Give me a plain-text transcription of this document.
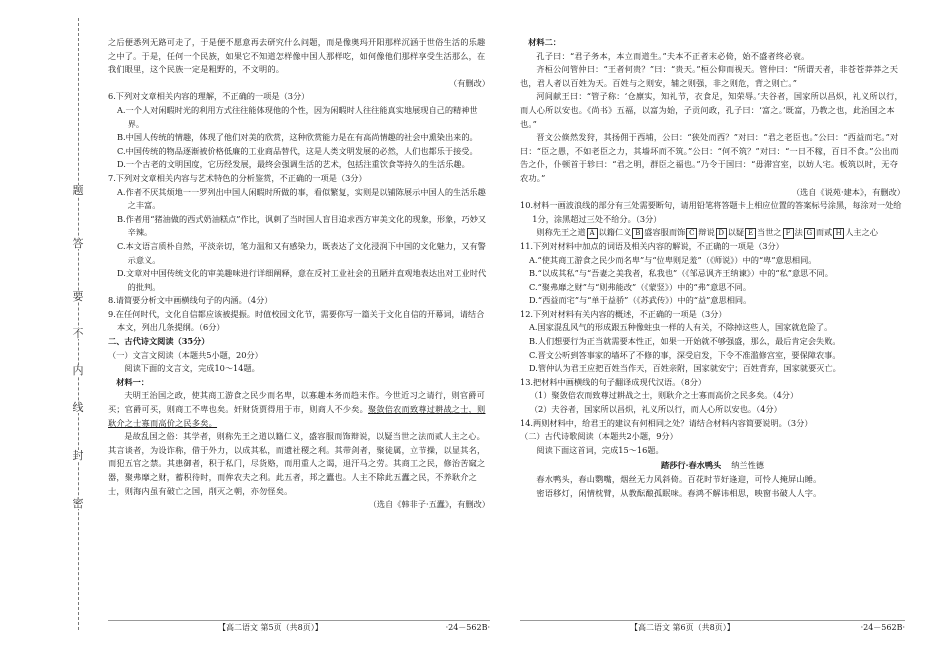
题
答
要
不
内
线
封
密

之后便悉列无路可走了，于是便不愿意再去研究什么问题，而是像奥玛开阳那样沉涵于世俗生活的乐趣之中了。于是，任何一个民族，如果它不知道怎样像中国人那样吃，如何像他们那样享受生活那么，在我们眼里，这个民族一定是粗野的，不文明的。

（有删改）

6.下列对文章相关内容的理解，不正确的一项是（3分）

A.一个人对闲暇时光的利用方式往往能体现他的个性，因为闲暇时人往往能真实地展现自己的精神世界。

B.中国人传统的情趣，体现了他们对美的欣赏，这种欣赏能力是在有高尚情趣的社会中熏染出来的。

C.中国传统的物品逐渐被价格低廉的工业商品替代，这是人类文明发展的必然，人们也都乐于接受。

D.一个古老的文明国度，它历经发展，最终会强调生活的艺术，包括注重饮食等持久的生活乐趣。

7.下列对文章相关内容与艺术特色的分析鉴赏，不正确的一项是（3分）

A.作者不厌其烦地一一罗列出中国人闲暇时所做的事，看似繁复，实则是以铺陈展示中国人的生活乐趣之丰富。

B.作者用“猪油做的西式奶油糕点”作比，讽刺了当时国人盲目追求西方审美文化的现象，形象，巧妙又辛辣。

C.本文语言质朴自然，平淡亲切，笔力温和又有感染力，既表达了文化浸润下中国的文化魅力，又有警示意义。

D.文章对中国传统文化的审美趣味进行详细阐释，意在反衬工业社会的丑陋并直观地表达出对工业时代的批判。

8.请简要分析文中画横线句子的内涵。（4分）

9.在任何时代，文化自信都应该被提振。时值校园文化节，需要你写一篇关于文化自信的开幕词，请结合本文，列出几条提纲。（6分）

二、古代诗文阅读（35分）

（一）文言文阅读（本题共5小题，20分）

阅读下面的文言文，完成10～14题。

材料一：

夫明王治国之政，使其商工游食之民少而名卑，以寡趣本务而趋末作。今世近习之请行，则官爵可买；官爵可买，则商工不卑也矣。奸财货贾得用于市，则商人不少矣。聚敛倍农而致尊过耕战之士，则耿介之士寡而高价之民多矣。

是故乱国之俗：其学者，则称先王之道以籍仁义，盛容服而饰辩说，以疑当世之法而贰人主之心。其言谈者，为设诈称，借于外力，以成其私，而遗社稷之利。其带剑者，聚徒属，立节操，以显其名，而犯五官之禁。其患御者，积于私门，尽货赂，而用重人之谒，退汗马之劳。其商工之民，修治苦窳之器，聚弗靡之财，蓄积待时，而侔农夫之利。此五者，邦之蠹也。人主不除此五蠹之民，不养耿介之士，则海内虽有破亡之国，削灭之朝，亦勿怪矣。

（选自《韩非子·五蠹》，有删改）

材料二：

孔子曰：“君子务本，本立而道生。”夫本不正者末必倚，始不盛者终必衰。

齐桓公问管仲曰：“王者何贵？”曰：“贵天。”桓公仰而视天。管仲曰：“所谓天者，非苍苍莽莽之天也，君人者以百姓为天。百姓与之则安，辅之则强，非之则危，背之则亡。”

河间献王曰：“管子称：‘仓廪实，知礼节，衣食足，知荣辱。’夫谷者，国家所以昌炽，礼义所以行，而人心所以安也。《尚书》五福，以富为始，子贡问政，孔子曰：‘富之。’既富，乃教之也，此治国之本也。”

晋文公倏然发狩，其扬佣于西埔，公曰：“狭处而西？”对曰：“君之老臣也。”公曰：“西益而宅。”对曰：“臣之愚，不如老臣之力，其墙坏而不筑。”公曰：“何不筑？”对曰：“一日不稼，百日不食。”公出而告之仆，仆顿首于轸曰：“君之明，群臣之福也。”乃令于国曰：“毋滞宫室，以妨人宅。板筑以时，无夺农功。”

（选自《说苑·建本》，有删改）

10.材料一画波浪线的部分有三处需要断句，请用铅笔将答题卡上相应位置的答案标号涂黑，每涂对一处给1分，涂黑超过三处不给分。（3分）

则称先王之道 A 以籍仁义 B 盛容服而饰 C 辩说 D 以疑 E 当世之 F 法 G 而贰 H 人主之心

11.下列对材料中加点的词语及相关内容的解说，不正确的一项是（3分）

A.“使其商工游食之民少而名卑”与“位卑则足羞”（《师说》）中的“卑”意思相同。

B.“以成其私”与“吾妻之美我者，私我也”（《邹忌讽齐王纳谏》）中的“私”意思不同。

C.“聚弗靡之财”与“则弗能改”（《蒙竖》）中的“弗”意思不同。

D.“西益而宅”与“单于益骄”（《苏武传》）中的“益”意思相同。

12.下列对材料有关内容的概述，不正确的一项是（3分）

A.国家混乱风气的形成跟五种像蛀虫一样的人有关，不除掉这些人，国家就危险了。

B.人们想要行为正当就需要本性正，如果一开始就不够强盛，那么，最后肯定会失败。

C.晋文公听到答事家的墙坏了不修的事，深受启发，下令不准滥修宫室，要保障农事。

D.管仲认为君王应把百姓当作天，百姓亲附，国家就安宁；百姓背弃，国家就要灭亡。

13.把材料中画横线的句子翻译成现代汉语。（8分）

（1）聚敛倍农而致尊过耕战之士，则耿介之士寡而高价之民多矣。（4分）

（2）夫谷者，国家所以昌炽，礼义所以行，而人心所以安也。（4分）

14.两则材料中，给君王的建议有何相同之处？请结合材料内容简要说明。（3分）

（二）古代诗歌阅读（本题共2小题，9分）

阅读下面这首词，完成15～16题。

踏莎行·春水鸭头 纳兰性德

春水鸭头，春山鹦嘴，烟丝无力风斜倚。百花时节好逢迎，可怜人掩屏山睡。

密语移灯，闲情枕臂，从教酝酿孤眠味。春鸿不解讳相思，映窗书破人人字。

【高二语文 第5页（共8页）】	·24－562B·	【高二语文 第6页（共8页）】	·24－562B·
